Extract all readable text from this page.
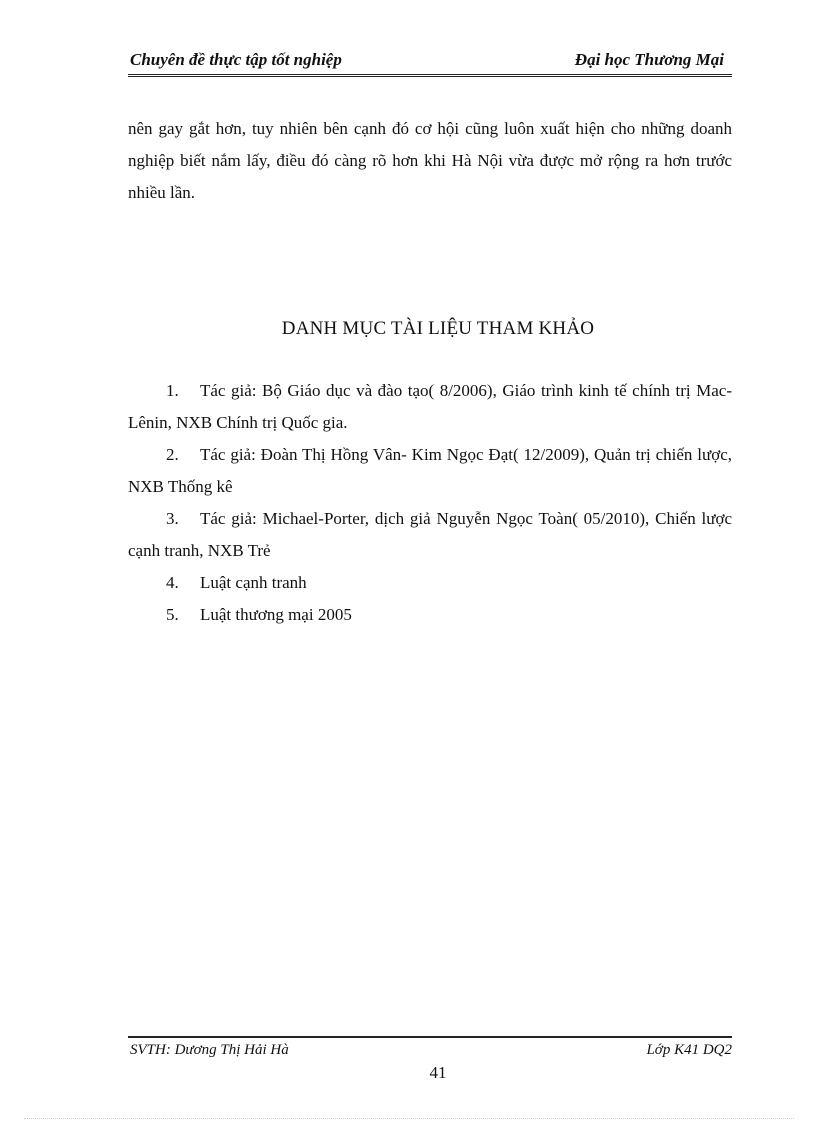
Chuyên đề thực tập tốt nghiệp	Đại học Thương Mại

nên gay gắt hơn, tuy nhiên bên cạnh đó cơ hội cũng luôn xuất hiện cho những doanh nghiệp biết nắm lấy, điều đó càng rõ hơn khi Hà Nội vừa được mở rộng ra hơn trước nhiều lần.

DANH MỤC TÀI LIỆU THAM KHẢO

1. Tác giả: Bộ Giáo dục và đào tạo( 8/2006), Giáo trình kinh tế chính trị Mac-Lênin, NXB Chính trị Quốc gia.

2. Tác giả: Đoàn Thị Hồng Vân- Kim Ngọc Đạt( 12/2009), Quản trị chiến lược, NXB Thống kê

3. Tác giả: Michael-Porter, dịch giả Nguyễn Ngọc Toàn( 05/2010), Chiến lược cạnh tranh, NXB Trẻ

4. Luật cạnh tranh

5. Luật thương mại 2005

SVTH: Dương Thị Hải Hà	Lớp K41 DQ2
41
